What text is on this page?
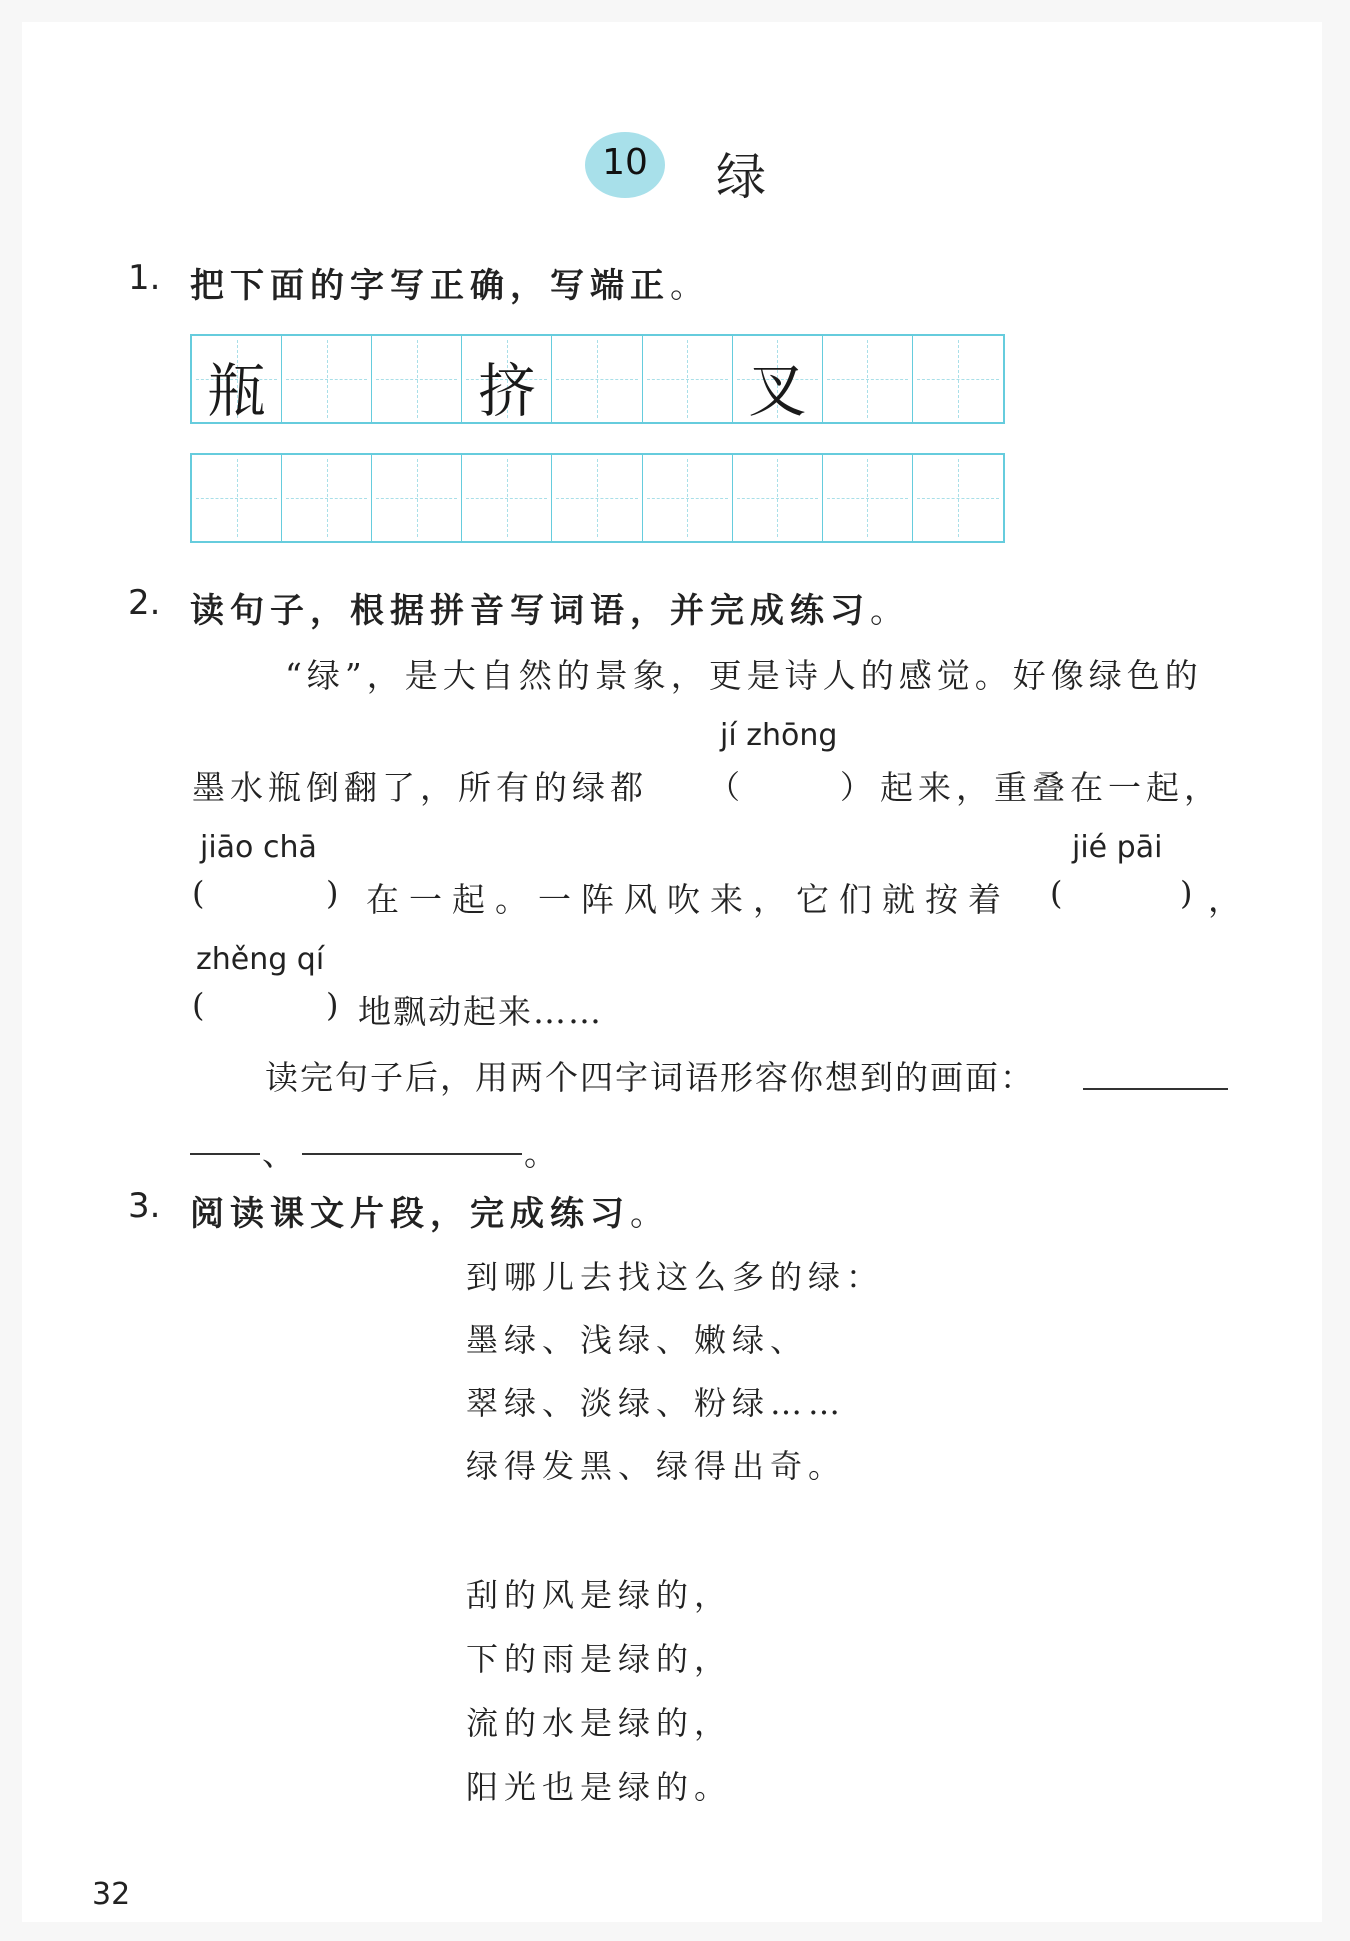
10 绿
1. 把下面的字写正确，写端正。
瓶	挤	叉
2. 读句子，根据拼音写词语，并完成练习。
“绿”，是大自然的景象，更是诗人的感觉。好像绿色的
jí zhōng
墨水瓶倒翻了，所有的绿都 （	） 起来，重叠在一起，
jiāo chā	jié pāi
(	) 在一起。一阵风吹来，它们就按着 (	) ，
zhěng qí
(	) 地飘动起来……
读完句子后，用两个四字词语形容你想到的画面：
、	。
3. 阅读课文片段，完成练习。
到哪儿去找这么多的绿：
墨绿、浅绿、嫩绿、
翠绿、淡绿、粉绿……
绿得发黑、绿得出奇。
刮的风是绿的，
下的雨是绿的，
流的水是绿的，
阳光也是绿的。
32
